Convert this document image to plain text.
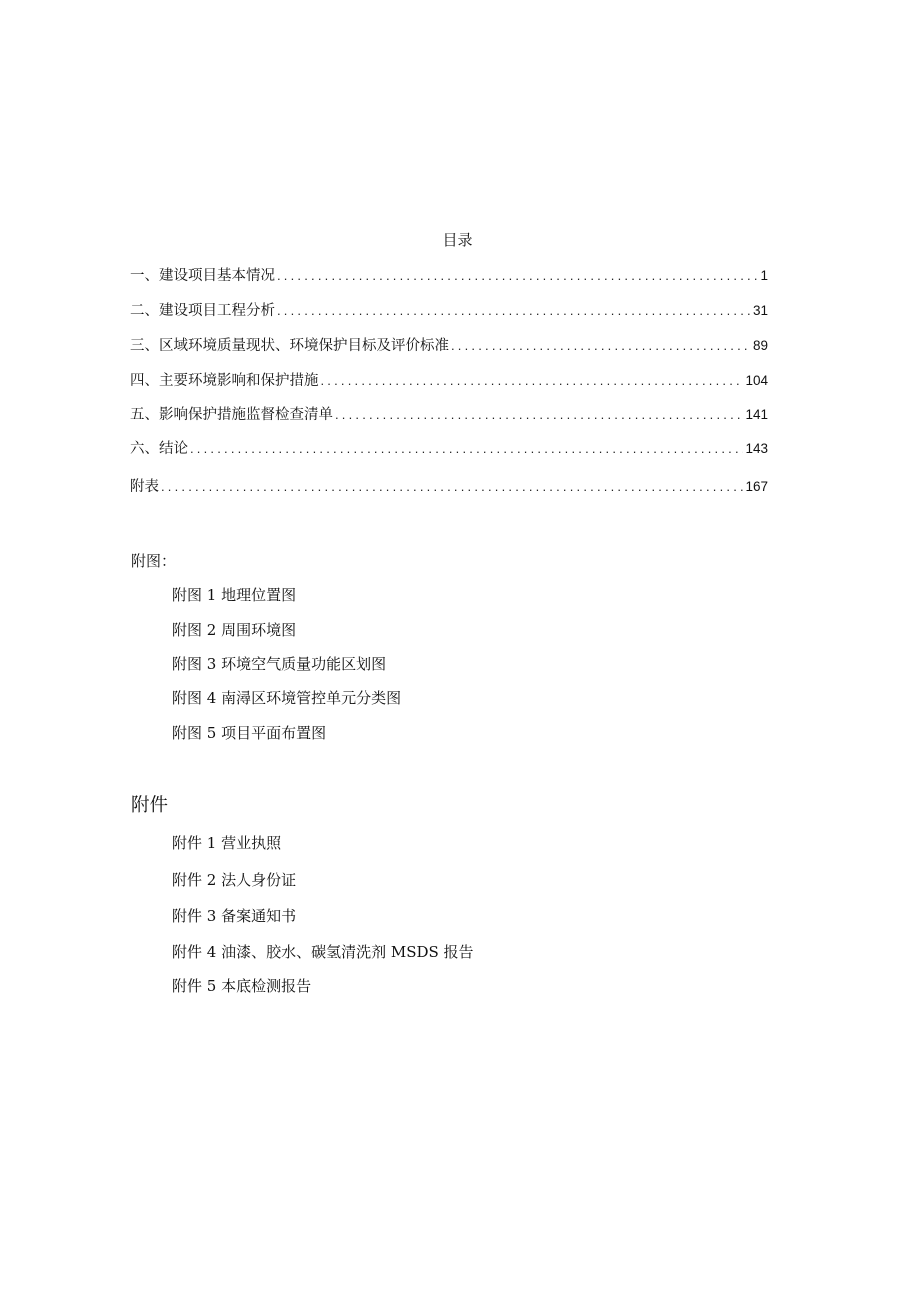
目录
一、建设项目基本情况 .....	1
二、建设项目工程分析 .....	31
三、区域环境质量现状、环境保护目标及评价标准 .....	89
四、主要环境影响和保护措施 .....	104
五、影响保护措施监督检查清单 .....	141
六、结论 .....	143
附表 .....	167
附图：
附图 1 地理位置图
附图 2 周围环境图
附图 3 环境空气质量功能区划图
附图 4 南潯区环境管控单元分类图
附图 5 项目平面布置图
附件
附件 1 营业执照
附件 2 法人身份证
附件 3 备案通知书
附件 4 油漆、胶水、碳氢清洗剂 MSDS 报告
附件 5 本底检测报告
